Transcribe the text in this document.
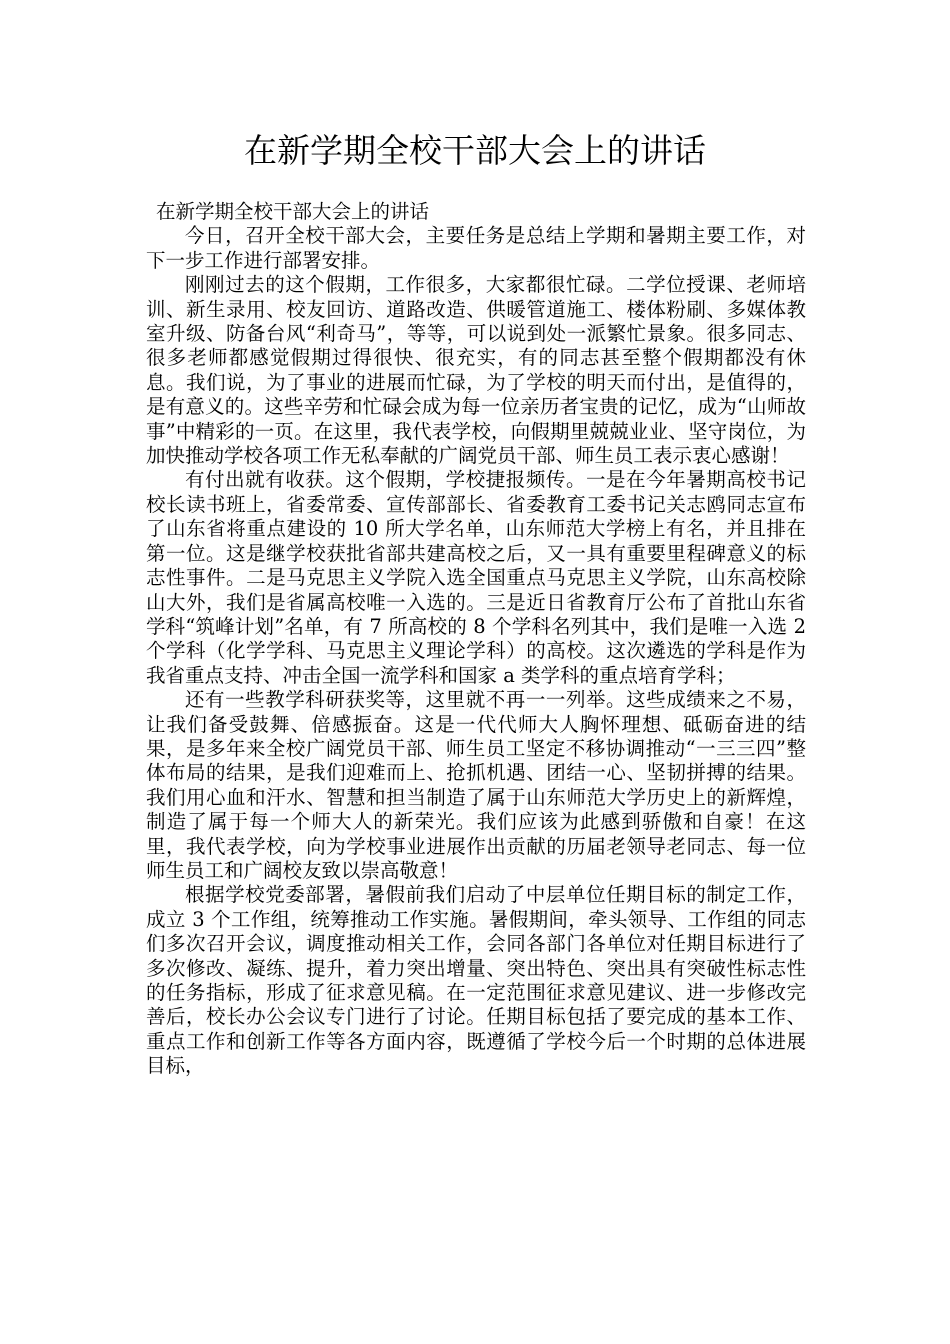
在新学期全校干部大会上的讲话

在新学期全校干部大会上的讲话

今日，召开全校干部大会，主要任务是总结上学期和暑期主要工作，对下一步工作进行部署安排。

刚刚过去的这个假期，工作很多，大家都很忙碌。二学位授课、老师培训、新生录用、校友回访、道路改造、供暖管道施工、楼体粉刷、多媒体教室升级、防备台风“利奇马”，等等，可以说到处一派繁忙景象。很多同志、很多老师都感觉假期过得很快、很充实，有的同志甚至整个假期都没有休息。我们说，为了事业的进展而忙碌，为了学校的明天而付出，是值得的，是有意义的。这些辛劳和忙碌会成为每一位亲历者宝贵的记忆，成为“山师故事”中精彩的一页。在这里，我代表学校，向假期里兢兢业业、坚守岗位，为加快推动学校各项工作无私奉献的广阔党员干部、师生员工表示衷心感谢！

有付出就有收获。这个假期，学校捷报频传。一是在今年暑期高校书记校长读书班上，省委常委、宣传部部长、省委教育工委书记关志鸥同志宣布了山东省将重点建设的 10 所大学名单，山东师范大学榜上有名，并且排在第一位。这是继学校获批省部共建高校之后，又一具有重要里程碑意义的标志性事件。二是马克思主义学院入选全国重点马克思主义学院，山东高校除山大外，我们是省属高校唯一入选的。三是近日省教育厅公布了首批山东省学科“筑峰计划”名单，有 7 所高校的 8 个学科名列其中，我们是唯一入选 2 个学科（化学学科、马克思主义理论学科）的高校。这次遴选的学科是作为我省重点支持、冲击全国一流学科和国家 a 类学科的重点培育学科；

还有一些教学科研获奖等，这里就不再一一列举。这些成绩来之不易，让我们备受鼓舞、倍感振奋。这是一代代师大人胸怀理想、砥砺奋进的结果，是多年来全校广阔党员干部、师生员工坚定不移协调推动“一三三四”整体布局的结果，是我们迎难而上、抢抓机遇、团结一心、坚韧拼搏的结果。我们用心血和汗水、智慧和担当制造了属于山东师范大学历史上的新辉煌，制造了属于每一个师大人的新荣光。我们应该为此感到骄傲和自豪！在这里，我代表学校，向为学校事业进展作出贡献的历届老领导老同志、每一位师生员工和广阔校友致以崇高敬意！

根据学校党委部署，暑假前我们启动了中层单位任期目标的制定工作，成立 3 个工作组，统筹推动工作实施。暑假期间，牵头领导、工作组的同志们多次召开会议，调度推动相关工作，会同各部门各单位对任期目标进行了多次修改、凝练、提升，着力突出增量、突出特色、突出具有突破性标志性的任务指标，形成了征求意见稿。在一定范围征求意见建议、进一步修改完善后，校长办公会议专门进行了讨论。任期目标包括了要完成的基本工作、重点工作和创新工作等各方面内容，既遵循了学校今后一个时期的总体进展目标，
